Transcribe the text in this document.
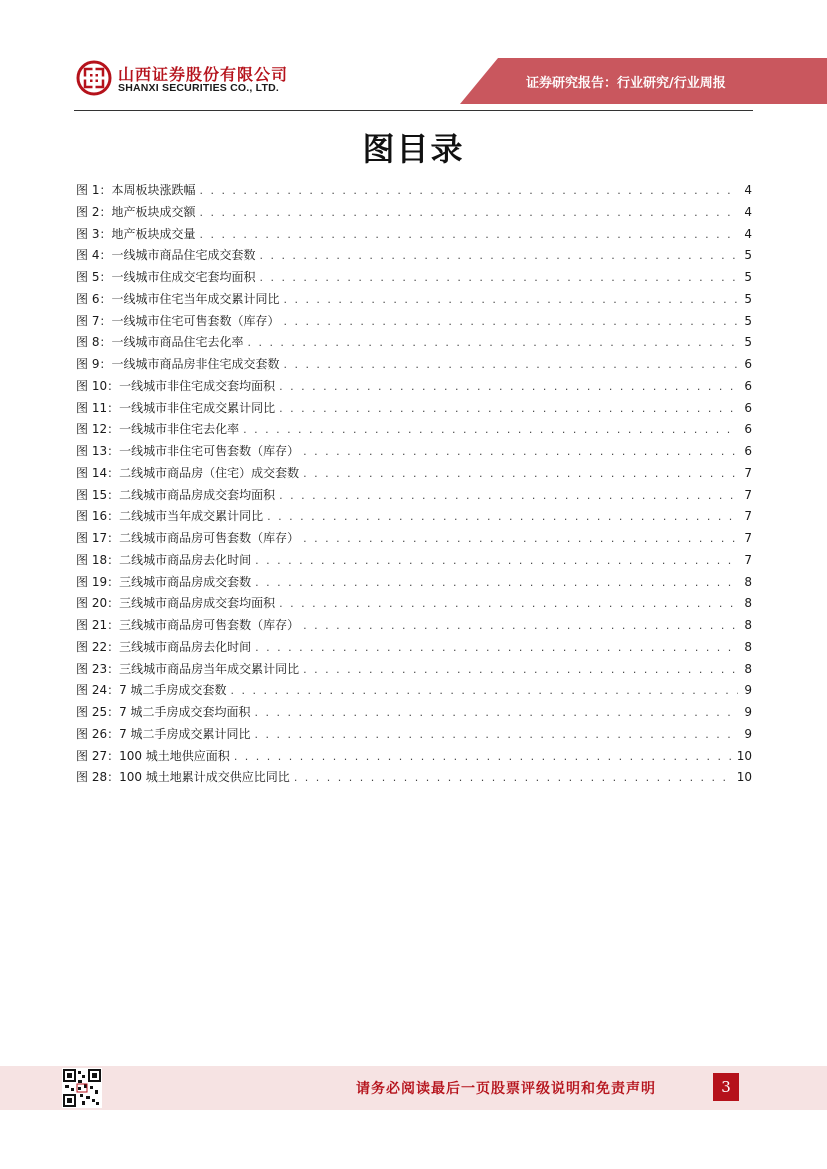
山西证券股份有限公司
SHANXI SECURITIES CO., LTD.	证券研究报告：行业研究/行业周报
图目录
图 1：本周板块涨跌幅 . . .	4
图 2：地产板块成交额 . . .	4
图 3：地产板块成交量 . . .	4
图 4：一线城市商品住宅成交套数 . . .	5
图 5：一线城市住成交宅套均面积 . . .	5
图 6：一线城市住宅当年成交累计同比 . . .	5
图 7：一线城市住宅可售套数（库存） . . .	5
图 8：一线城市商品住宅去化率 . . .	5
图 9：一线城市商品房非住宅成交套数 . . .	6
图 10：一线城市非住宅成交套均面积 . . .	6
图 11：一线城市非住宅成交累计同比 . . .	6
图 12：一线城市非住宅去化率 . . .	6
图 13：一线城市非住宅可售套数（库存） . . .	6
图 14：二线城市商品房（住宅）成交套数 . . .	7
图 15：二线城市商品房成交套均面积 . . .	7
图 16：二线城市当年成交累计同比 . . .	7
图 17：二线城市商品房可售套数（库存） . . .	7
图 18：二线城市商品房去化时间 . . .	7
图 19：三线城市商品房成交套数 . . .	8
图 20：三线城市商品房成交套均面积 . . .	8
图 21：三线城市商品房可售套数（库存） . . .	8
图 22：三线城市商品房去化时间 . . .	8
图 23：三线城市商品房当年成交累计同比 . . .	8
图 24：7 城二手房成交套数 . . .	9
图 25：7 城二手房成交套均面积 . . .	9
图 26：7 城二手房成交累计同比 . . .	9
图 27：100 城土地供应面积 . . .	10
图 28：100 城土地累计成交供应比同比 . . .	10
请务必阅读最后一页股票评级说明和免责声明	3
